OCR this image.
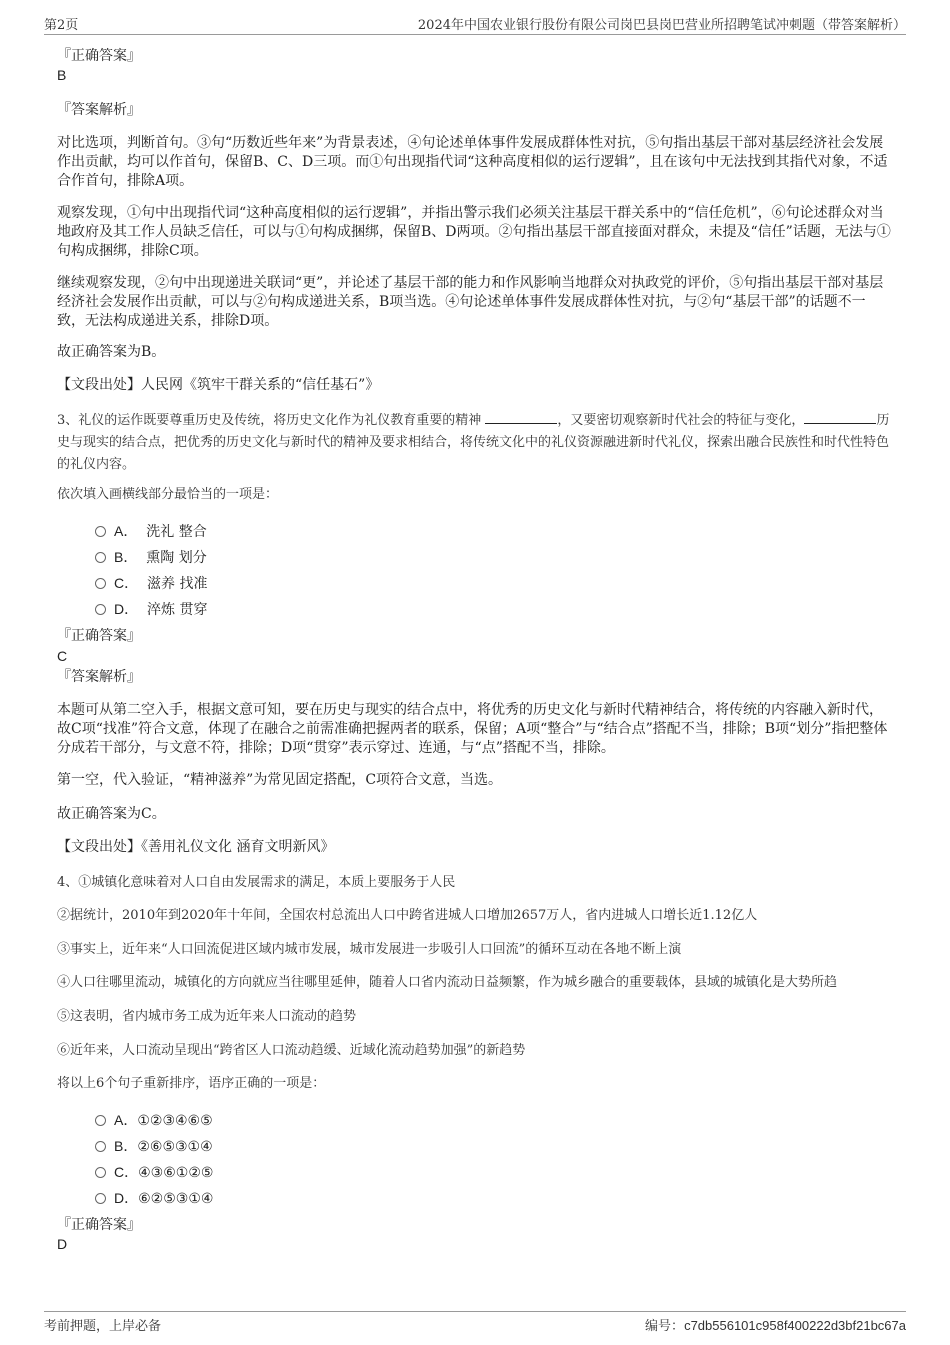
第2页	2024年中国农业银行股份有限公司岗巴县岗巴营业所招聘笔试冲刺题（带答案解析）
『正确答案』
B
『答案解析』

对比选项，判断首句。③句“历数近些年来”为背景表述，④句论述单体事件发展成群体性对抗，⑤句指出基层干部对基层经济社会发展作出贡献，均可以作首句，保留B、C、D三项。而①句出现指代词“这种高度相似的运行逻辑”，且在该句中无法找到其指代对象，不适合作首句，排除A项。

观察发现，①句中出现指代词“这种高度相似的运行逻辑”，并指出警示我们必须关注基层干群关系中的“信任危机”，⑥句论述群众对当地政府及其工作人员缺乏信任，可以与①句构成捆绑，保留B、D两项。②句指出基层干部直接面对群众，未提及“信任”话题，无法与①句构成捆绑，排除C项。

继续观察发现，②句中出现递进关联词“更”，并论述了基层干部的能力和作风影响当地群众对执政党的评价，⑤句指出基层干部对基层经济社会发展作出贡献，可以与②句构成递进关系，B项当选。④句论述单体事件发展成群体性对抗，与②句“基层干部”的话题不一致，无法构成递进关系，排除D项。

故正确答案为B。

【文段出处】人民网《筑牢干群关系的“信任基石”》

3、礼仪的运作既要尊重历史及传统，将历史文化作为礼仪教育重要的精神	，又要密切观察新时代社会的特征与变化，	历史与现实的结合点，把优秀的历史文化与新时代的精神及要求相结合，将传统文化中的礼仪资源融进新时代礼仪，探索出融合民族性和时代性特色的礼仪内容。

依次填入画横线部分最恰当的一项是：

A． 洗礼 整合
B． 熏陶 划分
C． 滋养 找准
D． 淬炼 贯穿
『正确答案』
C
『答案解析』

本题可从第二空入手，根据文意可知，要在历史与现实的结合点中，将优秀的历史文化与新时代精神结合，将传统的内容融入新时代，故C项“找准”符合文意，体现了在融合之前需准确把握两者的联系，保留；A项“整合”与“结合点”搭配不当，排除；B项“划分”指把整体分成若干部分，与文意不符，排除；D项“贯穿”表示穿过、连通，与“点”搭配不当，排除。

第一空，代入验证，“精神滋养”为常见固定搭配，C项符合文意，当选。

故正确答案为C。

【文段出处】《善用礼仪文化 涵育文明新风》

4、①城镇化意味着对人口自由发展需求的满足，本质上要服务于人民

②据统计，2010年到2020年十年间，全国农村总流出人口中跨省进城人口增加2657万人，省内进城人口增长近1.12亿人

③事实上，近年来“人口回流促进区域内城市发展，城市发展进一步吸引人口回流”的循环互动在各地不断上演

④人口往哪里流动，城镇化的方向就应当往哪里延伸，随着人口省内流动日益频繁，作为城乡融合的重要载体，县域的城镇化是大势所趋

⑤这表明，省内城市务工成为近年来人口流动的趋势

⑥近年来，人口流动呈现出“跨省区人口流动趋缓、近域化流动趋势加强”的新趋势

将以上6个句子重新排序，语序正确的一项是：

A．①②③④⑥⑤
B．②⑥⑤③①④
C．④③⑥①②⑤
D．⑥②⑤③①④
『正确答案』
D
考前押题，上岸必备	编号：c7db556101c958f400222d3bf21bc67a
